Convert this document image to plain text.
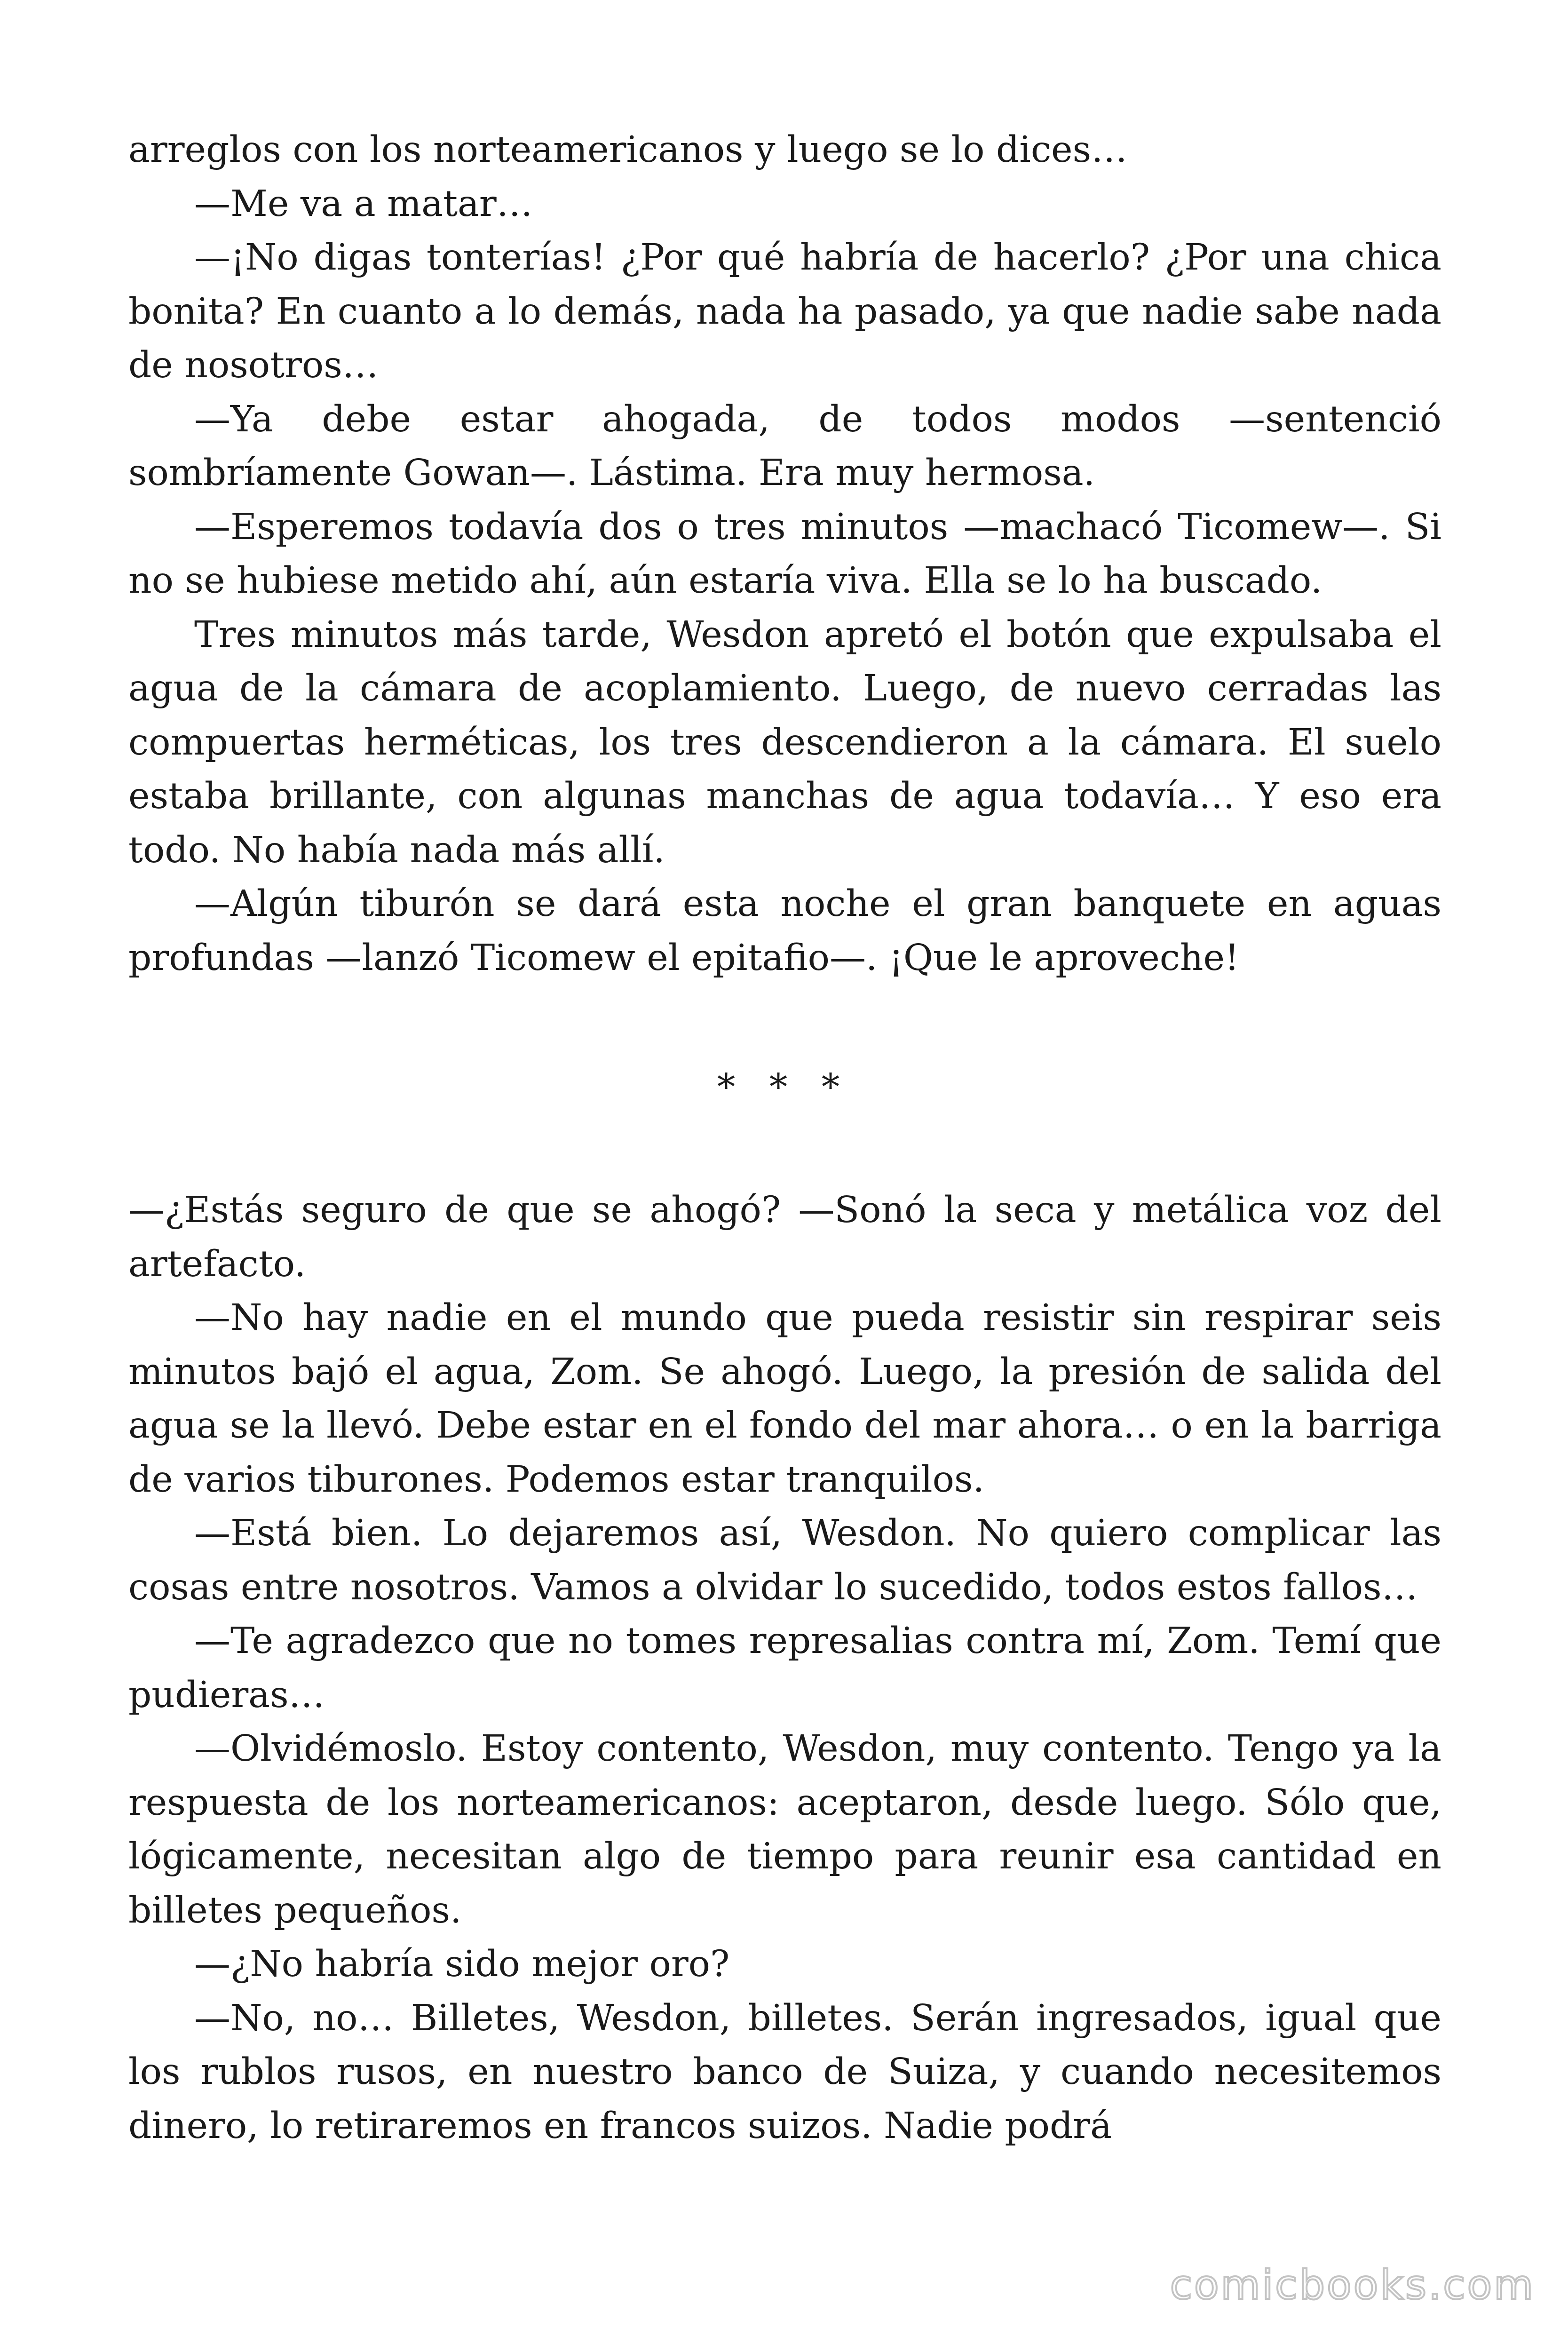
arreglos con los norteamericanos y luego se lo dices…

—Me va a matar…

—¡No digas tonterías! ¿Por qué habría de hacerlo? ¿Por una chica bonita? En cuanto a lo demás, nada ha pasado, ya que nadie sabe nada de nosotros…

—Ya debe estar ahogada, de todos modos —sentenció sombríamente Gowan—. Lástima. Era muy hermosa.

—Esperemos todavía dos o tres minutos —machacó Ticomew—. Si no se hubiese metido ahí, aún estaría viva. Ella se lo ha buscado.

Tres minutos más tarde, Wesdon apretó el botón que expulsaba el agua de la cámara de acoplamiento. Luego, de nuevo cerradas las compuertas herméticas, los tres descendieron a la cámara. El suelo estaba brillante, con algunas manchas de agua todavía… Y eso era todo. No había nada más allí.

—Algún tiburón se dará esta noche el gran banquete en aguas profundas —lanzó Ticomew el epitafio—. ¡Que le aproveche!

* * *

—¿Estás seguro de que se ahogó? —Sonó la seca y metálica voz del artefacto.

—No hay nadie en el mundo que pueda resistir sin respirar seis minutos bajó el agua, Zom. Se ahogó. Luego, la presión de salida del agua se la llevó. Debe estar en el fondo del mar ahora… o en la barriga de varios tiburones. Podemos estar tranquilos.

—Está bien. Lo dejaremos así, Wesdon. No quiero complicar las cosas entre nosotros. Vamos a olvidar lo sucedido, todos estos fallos…

—Te agradezco que no tomes represalias contra mí, Zom. Temí que pudieras…

—Olvidémoslo. Estoy contento, Wesdon, muy contento. Tengo ya la respuesta de los norteamericanos: aceptaron, desde luego. Sólo que, lógicamente, necesitan algo de tiempo para reunir esa cantidad en billetes pequeños.

—¿No habría sido mejor oro?

—No, no… Billetes, Wesdon, billetes. Serán ingresados, igual que los rublos rusos, en nuestro banco de Suiza, y cuando necesitemos dinero, lo retiraremos en francos suizos. Nadie podrá

comicbooks.com
